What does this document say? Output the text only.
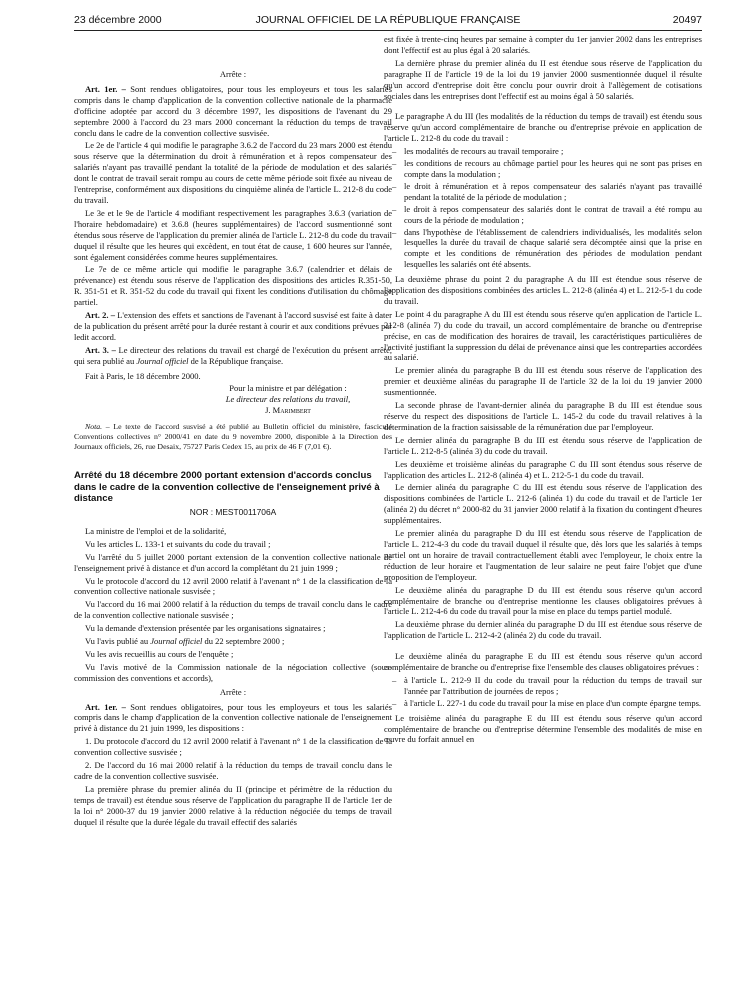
23 décembre 2000	JOURNAL OFFICIEL DE LA RÉPUBLIQUE FRANÇAISE	20497

Arrête :

Art. 1er. – Sont rendues obligatoires, pour tous les employeurs et tous les salariés compris dans le champ d'application de la convention collective nationale de la pharmacie d'officine adoptée par accord du 3 décembre 1997, les dispositions de l'avenant du 29 septembre 2000 à l'accord du 23 mars 2000 concernant la réduction du temps de travail conclu dans le cadre de la convention collective susvisée.

Le 2e de l'article 4 qui modifie le paragraphe 3.6.2 de l'accord du 23 mars 2000 est étendu sous réserve que la détermination du droit à rémunération et à repos compensateur des salariés n'ayant pas travaillé pendant la totalité de la période de modulation et des salariés dont le contrat de travail serait rompu au cours de cette même période soit fixée au niveau de l'entreprise, conformément aux dispositions du cinquième alinéa de l'article L. 212-8 du code du travail.

Le 3e et le 9e de l'article 4 modifiant respectivement les paragraphes 3.6.3 (variation de l'horaire hebdomadaire) et 3.6.8 (heures supplémentaires) de l'accord susmentionné sont étendus sous réserve de l'application du premier alinéa de l'article L. 212-8 du code du travail duquel il résulte que les heures qui excèdent, en tout état de cause, 1 600 heures sur l'année, sont également considérées comme heures supplémentaires.

Le 7e de ce même article qui modifie le paragraphe 3.6.7 (calendrier et délais de prévenance) est étendu sous réserve de l'application des dispositions des articles R.351-50, R. 351-51 et R. 351-52 du code du travail qui fixent les conditions d'utilisation du chômage partiel.

Art. 2. – L'extension des effets et sanctions de l'avenant à l'accord susvisé est faite à dater de la publication du présent arrêté pour la durée restant à courir et aux conditions prévues par ledit accord.

Art. 3. – Le directeur des relations du travail est chargé de l'exécution du présent arrêté, qui sera publié au Journal officiel de la République française.

Fait à Paris, le 18 décembre 2000.

Pour la ministre et par délégation :

Le directeur des relations du travail,

J. Marimbert

Nota. – Le texte de l'accord susvisé a été publié au Bulletin officiel du ministère, fascicule Conventions collectives n° 2000/41 en date du 9 novembre 2000, disponible à la Direction des Journaux officiels, 26, rue Desaix, 75727 Paris Cedex 15, au prix de 46 F (7,01 €).

Arrêté du 18 décembre 2000 portant extension d'accords conclus dans le cadre de la convention collective de l'enseignement privé à distance
NOR : MEST0011706A

La ministre de l'emploi et de la solidarité,

Vu les articles L. 133-1 et suivants du code du travail ;

Vu l'arrêté du 5 juillet 2000 portant extension de la convention collective nationale de l'enseignement privé à distance et d'un accord la complétant du 21 juin 1999 ;

Vu le protocole d'accord du 12 avril 2000 relatif à l'avenant n° 1 de la classification de la convention collective nationale susvisée ;

Vu l'accord du 16 mai 2000 relatif à la réduction du temps de travail conclu dans le cadre de la convention collective nationale susvisée ;

Vu la demande d'extension présentée par les organisations signataires ;

Vu l'avis publié au Journal officiel du 22 septembre 2000 ;

Vu les avis recueillis au cours de l'enquête ;

Vu l'avis motivé de la Commission nationale de la négociation collective (sous-commission des conventions et accords),

Arrête :

Art. 1er. – Sont rendues obligatoires, pour tous les employeurs et tous les salariés compris dans le champ d'application de la convention collective nationale de l'enseignement privé à distance du 21 juin 1999, les dispositions :

1. Du protocole d'accord du 12 avril 2000 relatif à l'avenant n° 1 de la classification de la convention collective susvisée ;

2. De l'accord du 16 mai 2000 relatif à la réduction du temps de travail conclu dans le cadre de la convention collective susvisée.

La première phrase du premier alinéa du II (principe et périmètre de la réduction du temps de travail) est étendue sous réserve de l'application du paragraphe II de l'article 1er de la loi n° 2000-37 du 19 janvier 2000 relative à la réduction négociée du temps de travail duquel il résulte que la durée légale du travail effectif des salariés

est fixée à trente-cinq heures par semaine à compter du 1er janvier 2002 dans les entreprises dont l'effectif est au plus égal à 20 salariés.

La dernière phrase du premier alinéa du II est étendue sous réserve de l'application du paragraphe II de l'article 19 de la loi du 19 janvier 2000 susmentionnée duquel il résulte qu'un accord d'entreprise doit être conclu pour ouvrir droit à l'allègement de cotisations sociales dans les entreprises dont l'effectif est au moins égal à 50 salariés.

Le paragraphe A du III (les modalités de la réduction du temps de travail) est étendu sous réserve qu'un accord complémentaire de branche ou d'entreprise prévoie en application de l'article L. 212-8 du code du travail :

– les modalités de recours au travail temporaire ;
– les conditions de recours au chômage partiel pour les heures qui ne sont pas prises en compte dans la modulation ;
– le droit à rémunération et à repos compensateur des salariés n'ayant pas travaillé pendant la totalité de la période de modulation ;
– le droit à repos compensateur des salariés dont le contrat de travail a été rompu au cours de la période de modulation ;
– dans l'hypothèse de l'établissement de calendriers individualisés, les modalités selon lesquelles la durée du travail de chaque salarié sera décomptée ainsi que la prise en compte et les conditions de rémunération des périodes de modulation pendant lesquelles les salariés ont été absents.

La deuxième phrase du point 2 du paragraphe A du III est étendue sous réserve de l'application des dispositions combinées des articles L. 212-8 (alinéa 4) et L. 212-5-1 du code du travail.

Le point 4 du paragraphe A du III est étendu sous réserve qu'en application de l'article L. 212-8 (alinéa 7) du code du travail, un accord complémentaire de branche ou d'entreprise précise, en cas de modification des horaires de travail, les caractéristiques particulières de l'activité justifiant la suppression du délai de prévenance ainsi que les contreparties accordées au salarié.

Le premier alinéa du paragraphe B du III est étendu sous réserve de l'application des premier et deuxième alinéas du paragraphe II de l'article 32 de la loi du 19 janvier 2000 susmentionnée.

La seconde phrase de l'avant-dernier alinéa du paragraphe B du III est étendue sous réserve du respect des dispositions de l'article L. 145-2 du code du travail relatives à la détermination de la fraction saisissable de la rémunération due par l'employeur.

Le dernier alinéa du paragraphe B du III est étendu sous réserve de l'application de l'article L. 212-8-5 (alinéa 3) du code du travail.

Les deuxième et troisième alinéas du paragraphe C du III sont étendus sous réserve de l'application des articles L. 212-8 (alinéa 4) et L. 212-5-1 du code du travail.

Le dernier alinéa du paragraphe C du III est étendu sous réserve de l'application des dispositions combinées de l'article L. 212-6 (alinéa 1) du code du travail et de l'article 1er (alinéa 2) du décret n° 2000-82 du 31 janvier 2000 relatif à la fixation du contingent d'heures supplémentaires.

Le premier alinéa du paragraphe D du III est étendu sous réserve de l'application de l'article L. 212-4-3 du code du travail duquel il résulte que, dès lors que les salariés à temps partiel ont un horaire de travail contractuellement établi avec l'employeur, le choix entre la réduction de leur horaire et l'augmentation de leur salaire ne peut faire l'objet que d'une proposition de l'employeur.

Le deuxième alinéa du paragraphe D du III est étendu sous réserve qu'un accord complémentaire de branche ou d'entreprise mentionne les clauses obligatoires prévues à l'article L. 212-4-6 du code du travail pour la mise en place du temps partiel modulé.

La deuxième phrase du dernier alinéa du paragraphe D du III est étendue sous réserve de l'application de l'article L. 212-4-2 (alinéa 2) du code du travail.

Le deuxième alinéa du paragraphe E du III est étendu sous réserve qu'un accord complémentaire de branche ou d'entreprise fixe l'ensemble des clauses obligatoires prévues :

– à l'article L. 212-9 II du code du travail pour la réduction du temps de travail sur l'année par l'attribution de journées de repos ;
– à l'article L. 227-1 du code du travail pour la mise en place d'un compte épargne temps.

Le troisième alinéa du paragraphe E du III est étendu sous réserve qu'un accord complémentaire de branche ou d'entreprise détermine l'ensemble des modalités de mise en œuvre du forfait annuel en
